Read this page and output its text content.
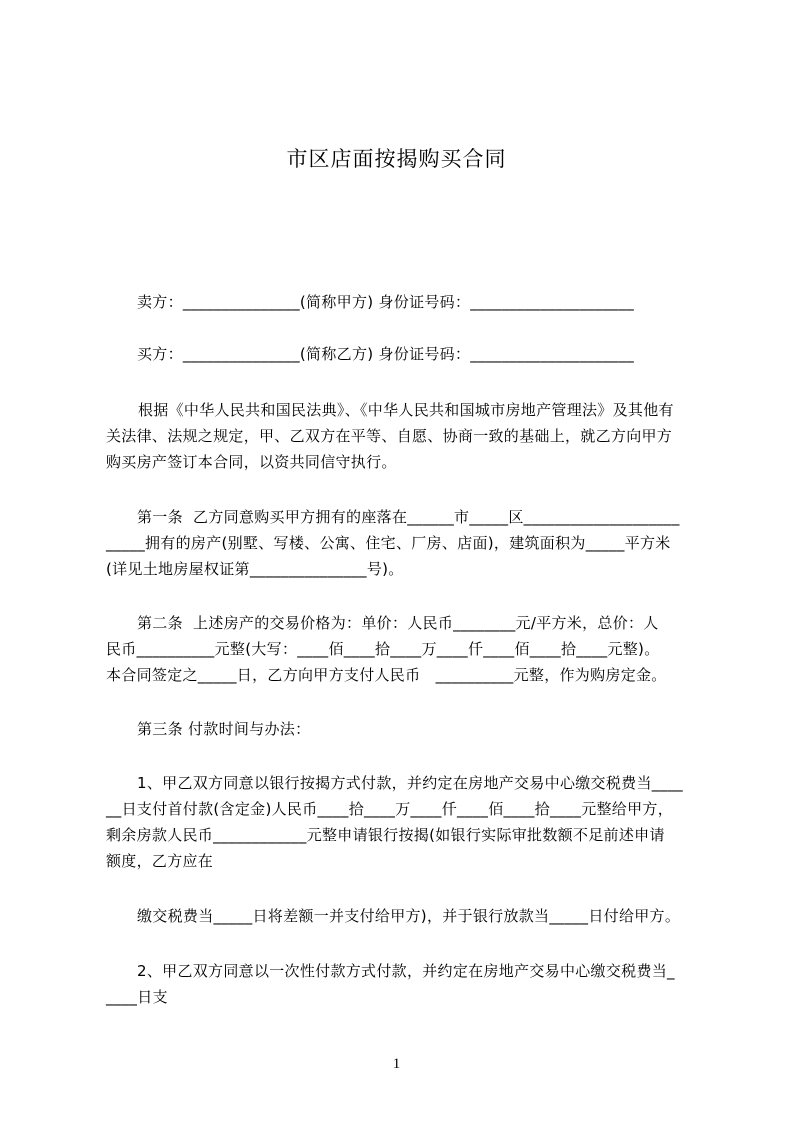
市区店面按揭购买合同
卖方：_______________(简称甲方) 身份证号码：_____________________
买方：_______________(简称乙方) 身份证号码：_____________________
根据《中华人民共和国民法典》、《中华人民共和国城市房地产管理法》及其他有
关法律、法规之规定，甲、乙双方在平等、自愿、协商一致的基础上，就乙方向甲方
购买房产签订本合同，以资共同信守执行。
第一条  乙方同意购买甲方拥有的座落在______市_____区____________________
_____拥有的房产(别墅、写楼、公寓、住宅、厂房、店面)，建筑面积为_____平方米
(详见土地房屋权证第_______________号)。
第二条  上述房产的交易价格为：单价：人民币________元/平方米，总价：人
民币__________元整(大写：____佰____拾____万____仟____佰____拾____元整)。
本合同签定之_____日，乙方向甲方支付人民币   __________元整，作为购房定金。
第三条 付款时间与办法：
1、甲乙双方同意以银行按揭方式付款，并约定在房地产交易中心缴交税费当____
__日支付首付款(含定金)人民币____拾____万____仟____佰____拾____元整给甲方，
剩余房款人民币____________元整申请银行按揭(如银行实际审批数额不足前述申请
额度，乙方应在
缴交税费当_____日将差额一并支付给甲方)，并于银行放款当_____日付给甲方。
2、甲乙双方同意以一次性付款方式付款，并约定在房地产交易中心缴交税费当_
____日支
1
